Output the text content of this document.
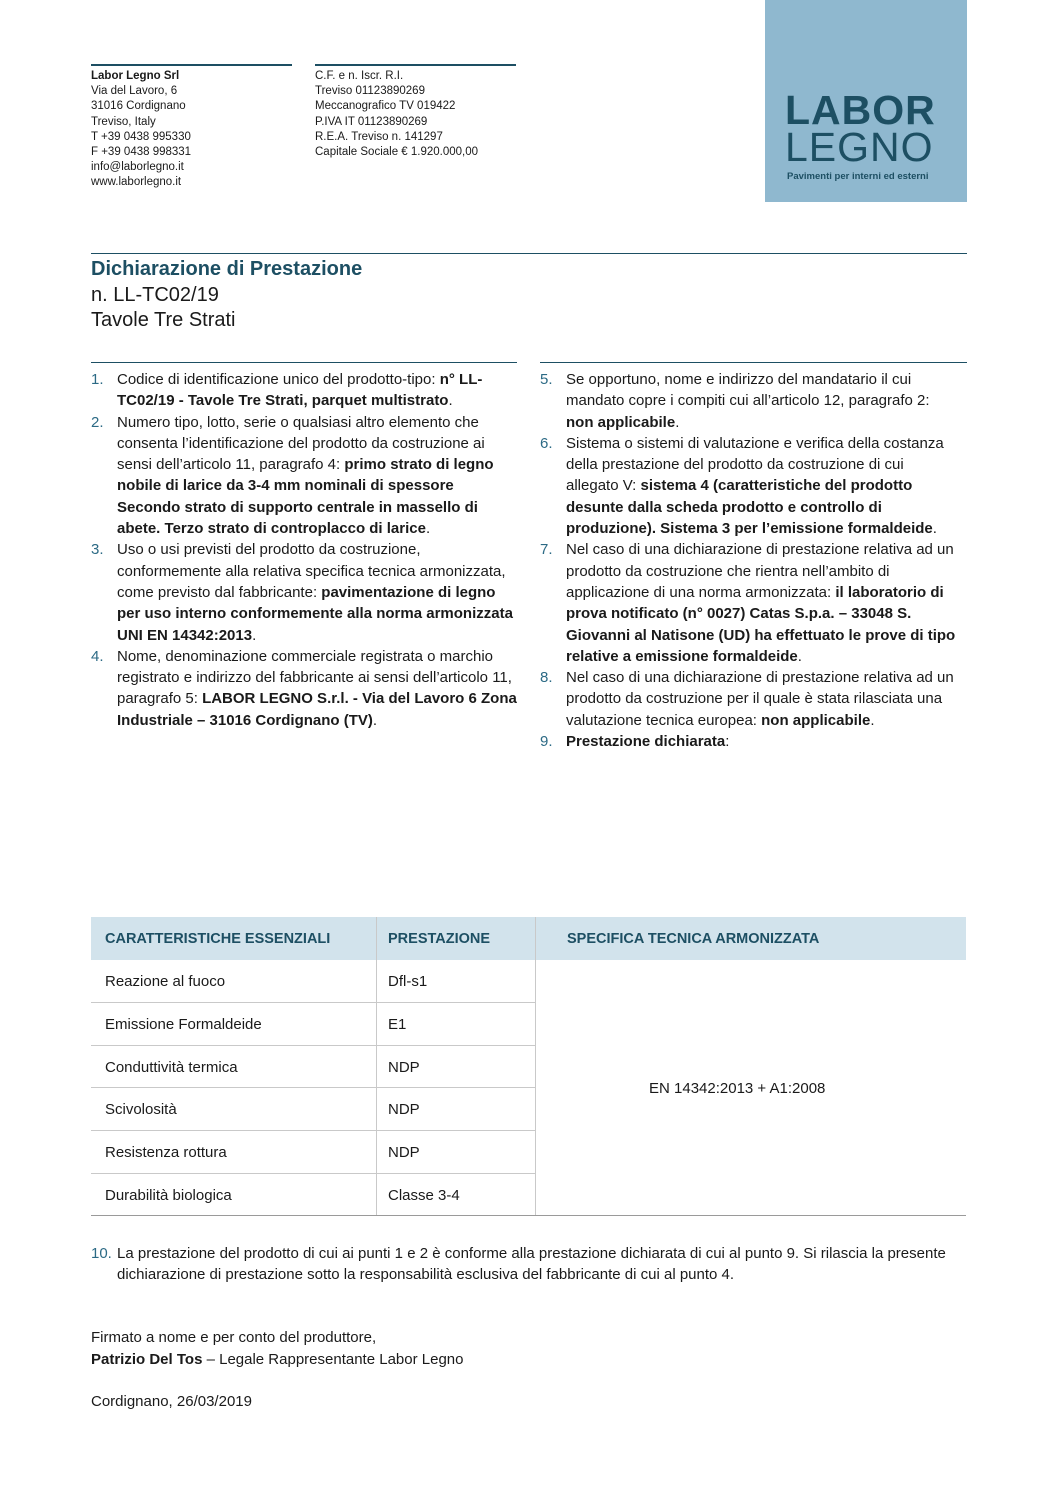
Labor Legno Srl
Via del Lavoro, 6
31016 Cordignano
Treviso, Italy
T +39 0438 995330
F +39 0438 998331
info@laborlegno.it
www.laborlegno.it
C.F. e n. Iscr. R.I.
Treviso 01123890269
Meccanografico TV 019422
P.IVA IT 01123890269
R.E.A. Treviso n. 141297
Capitale Sociale € 1.920.000,00
LABOR
LEGNO
Pavimenti per interni ed esterni
Dichiarazione di Prestazione
n. LL-TC02/19
Tavole Tre Strati
1. Codice di identificazione unico del prodotto-tipo: n° LL-TC02/19 - Tavole Tre Strati, parquet multistrato.
2. Numero tipo, lotto, serie o qualsiasi altro elemento che consenta l’identificazione del prodotto da costruzione ai sensi dell’articolo 11, paragrafo 4: primo strato di legno nobile di larice da 3-4 mm nominali di spessore Secondo strato di supporto centrale in massello di abete. Terzo strato di controplacco di larice.
3. Uso o usi previsti del prodotto da costruzione, conformemente alla relativa specifica tecnica armonizzata, come previsto dal fabbricante: pavimentazione di legno per uso interno conformemente alla norma armonizzata UNI EN 14342:2013.
4. Nome, denominazione commerciale registrata o marchio registrato e indirizzo del fabbricante ai sensi dell’articolo 11, paragrafo 5: LABOR LEGNO S.r.l. - Via del Lavoro 6 Zona Industriale – 31016 Cordignano (TV).
5. Se opportuno, nome e indirizzo del mandatario il cui mandato copre i compiti cui all’articolo 12, paragrafo 2: non applicabile.
6. Sistema o sistemi di valutazione e verifica della costanza della prestazione del prodotto da costruzione di cui allegato V: sistema 4 (caratteristiche del prodotto desunte dalla scheda prodotto e controllo di produzione). Sistema 3 per l’emissione formaldeide.
7. Nel caso di una dichiarazione di prestazione relativa ad un prodotto da costruzione che rientra nell’ambito di applicazione di una norma armonizzata: il laboratorio di prova notificato (n° 0027) Catas S.p.a. – 33048 S. Giovanni al Natisone (UD) ha effettuato le prove di tipo relative a emissione formaldeide.
8. Nel caso di una dichiarazione di prestazione relativa ad un prodotto da costruzione per il quale è stata rilasciata una valutazione tecnica europea: non applicabile.
9. Prestazione dichiarata:
CARATTERISTICHE ESSENZIALI	PRESTAZIONE	SPECIFICA TECNICA ARMONIZZATA
Reazione al fuoco	Dfl-s1
Emissione Formaldeide	E1
Conduttività termica	NDP
Scivolosità	NDP
Resistenza rottura	NDP
Durabilità biologica	Classe 3-4
EN 14342:2013 + A1:2008
10. La prestazione del prodotto di cui ai punti 1 e 2 è conforme alla prestazione dichiarata di cui al punto 9. Si rilascia la presente dichiarazione di prestazione sotto la responsabilità esclusiva del fabbricante di cui al punto 4.
Firmato a nome e per conto del produttore,
Patrizio Del Tos – Legale Rappresentante Labor Legno
Cordignano, 26/03/2019
